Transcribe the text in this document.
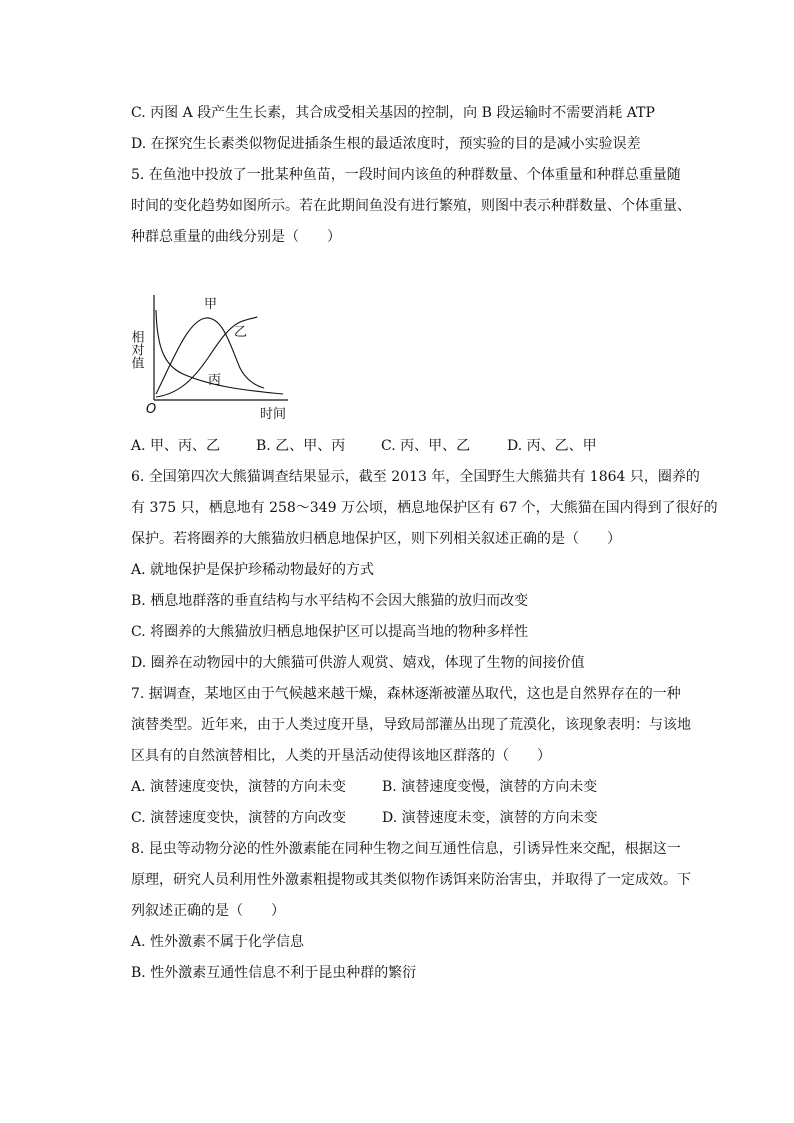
C. 丙图 A 段产生生长素，其合成受相关基因的控制，向 B 段运输时不需要消耗 ATP
D. 在探究生长素类似物促进插条生根的最适浓度时，预实验的目的是减小实验误差
5. 在鱼池中投放了一批某种鱼苗，一段时间内该鱼的种群数量、个体重量和种群总重量随
时间的变化趋势如图所示。若在此期间鱼没有进行繁殖，则图中表示种群数量、个体重量、
种群总重量的曲线分别是（　　）
相对值
时间
O
甲
乙
丙
A. 甲、丙、乙	B. 乙、甲、丙	C. 丙、甲、乙	D. 丙、乙、甲
6. 全国第四次大熊猫调查结果显示，截至 2013 年，全国野生大熊猫共有 1864 只，圈养的
有 375 只，栖息地有 258～349 万公顷，栖息地保护区有 67 个，大熊猫在国内得到了很好的
保护。若将圈养的大熊猫放归栖息地保护区，则下列相关叙述正确的是（　　）
A. 就地保护是保护珍稀动物最好的方式
B. 栖息地群落的垂直结构与水平结构不会因大熊猫的放归而改变
C. 将圈养的大熊猫放归栖息地保护区可以提高当地的物种多样性
D. 圈养在动物园中的大熊猫可供游人观赏、嬉戏，体现了生物的间接价值
7. 据调查，某地区由于气候越来越干燥，森林逐渐被灌丛取代，这也是自然界存在的一种
演替类型。近年来，由于人类过度开垦，导致局部灌丛出现了荒漠化，该现象表明：与该地
区具有的自然演替相比，人类的开垦活动使得该地区群落的（　　）
A. 演替速度变快，演替的方向未变	B. 演替速度变慢，演替的方向未变
C. 演替速度变快，演替的方向改变	D. 演替速度未变，演替的方向未变
8. 昆虫等动物分泌的性外激素能在同种生物之间互通性信息，引诱异性来交配，根据这一
原理，研究人员利用性外激素粗提物或其类似物作诱饵来防治害虫，并取得了一定成效。下
列叙述正确的是（　　）
A. 性外激素不属于化学信息
B. 性外激素互通性信息不利于昆虫种群的繁衍
